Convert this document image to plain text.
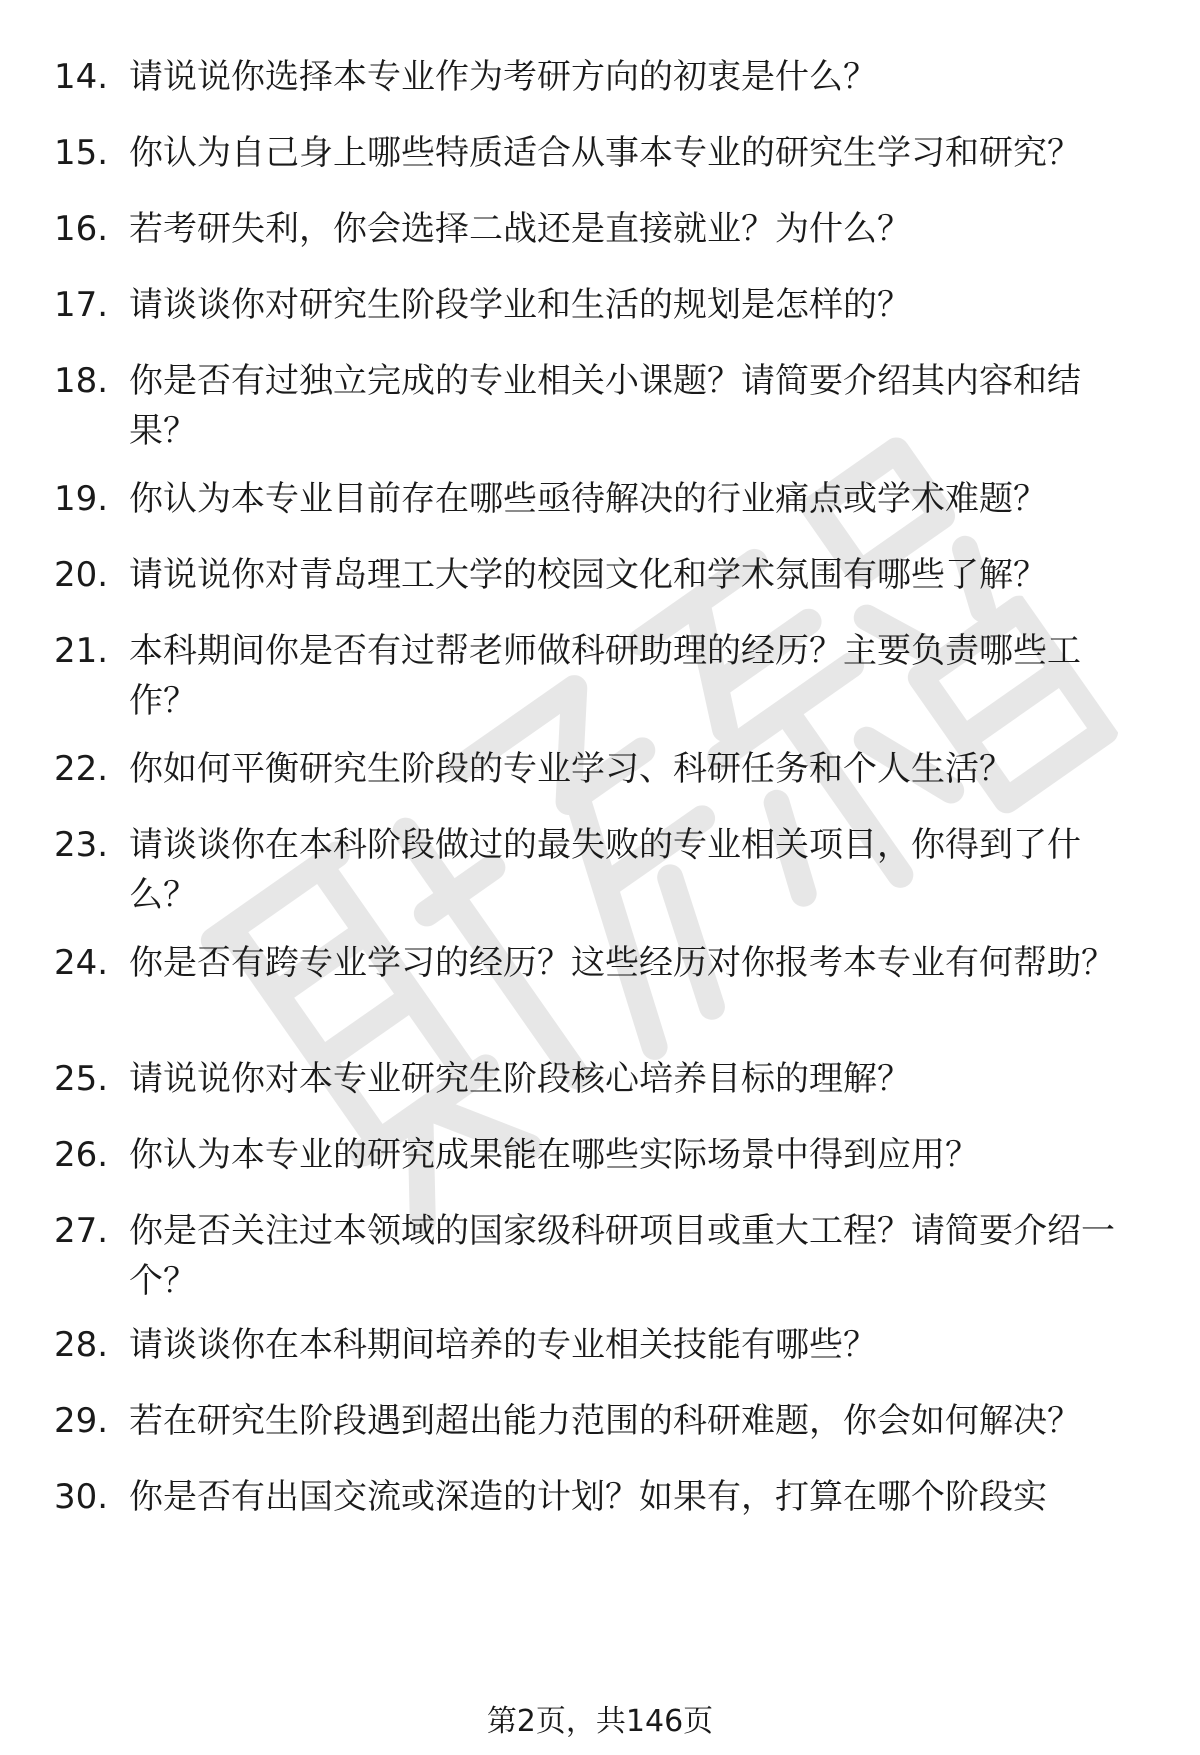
14. 请说说你选择本专业作为考研方向的初衷是什么？
15. 你认为自己身上哪些特质适合从事本专业的研究生学习和研究？
16. 若考研失利，你会选择二战还是直接就业？为什么？
17. 请谈谈你对研究生阶段学业和生活的规划是怎样的？
18. 你是否有过独立完成的专业相关小课题？请简要介绍其内容和结果？
19. 你认为本专业目前存在哪些亟待解决的行业痛点或学术难题？
20. 请说说你对青岛理工大学的校园文化和学术氛围有哪些了解？
21. 本科期间你是否有过帮老师做科研助理的经历？主要负责哪些工作？
22. 你如何平衡研究生阶段的专业学习、科研任务和个人生活？
23. 请谈谈你在本科阶段做过的最失败的专业相关项目，你得到了什么？
24. 你是否有跨专业学习的经历？这些经历对你报考本专业有何帮助？
25. 请说说你对本专业研究生阶段核心培养目标的理解？
26. 你认为本专业的研究成果能在哪些实际场景中得到应用？
27. 你是否关注过本领域的国家级科研项目或重大工程？请简要介绍一个？
28. 请谈谈你在本科期间培养的专业相关技能有哪些？
29. 若在研究生阶段遇到超出能力范围的科研难题，你会如何解决？
30. 你是否有出国交流或深造的计划？如果有，打算在哪个阶段实
第2页，共146页
